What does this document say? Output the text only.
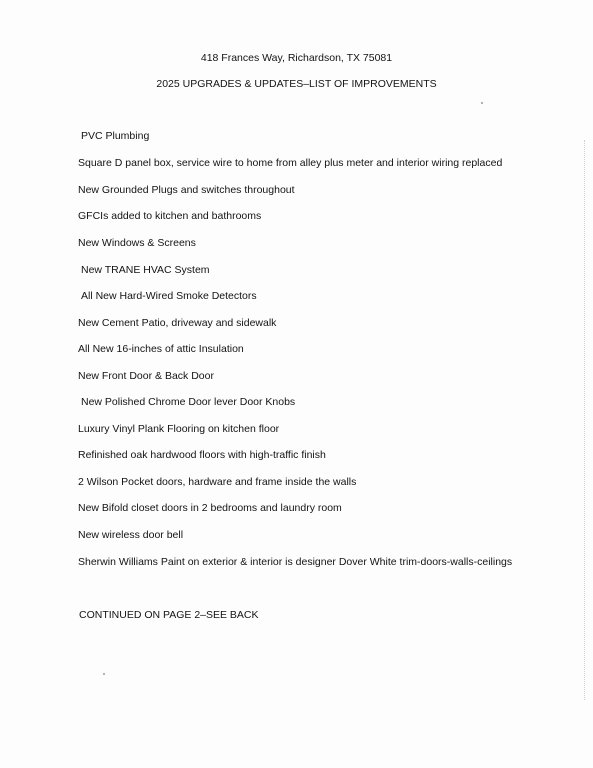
418 Frances Way, Richardson, TX 75081
2025 UPGRADES & UPDATES–LIST OF IMPROVEMENTS
PVC Plumbing
Square D panel box, service wire to home from alley plus meter and interior wiring replaced
New Grounded Plugs and switches throughout
GFCIs added to kitchen and bathrooms
New Windows & Screens
New TRANE HVAC System
All New Hard-Wired Smoke Detectors
New Cement Patio, driveway and sidewalk
All New 16-inches of attic Insulation
New Front Door & Back Door
New Polished Chrome Door lever Door Knobs
Luxury Vinyl Plank Flooring on kitchen floor
Refinished oak hardwood floors with high-traffic finish
2 Wilson Pocket doors, hardware and frame inside the walls
New Bifold closet doors in 2 bedrooms and laundry room
New wireless door bell
Sherwin Williams Paint on exterior & interior is designer Dover White trim-doors-walls-ceilings
CONTINUED ON PAGE 2–SEE BACK
